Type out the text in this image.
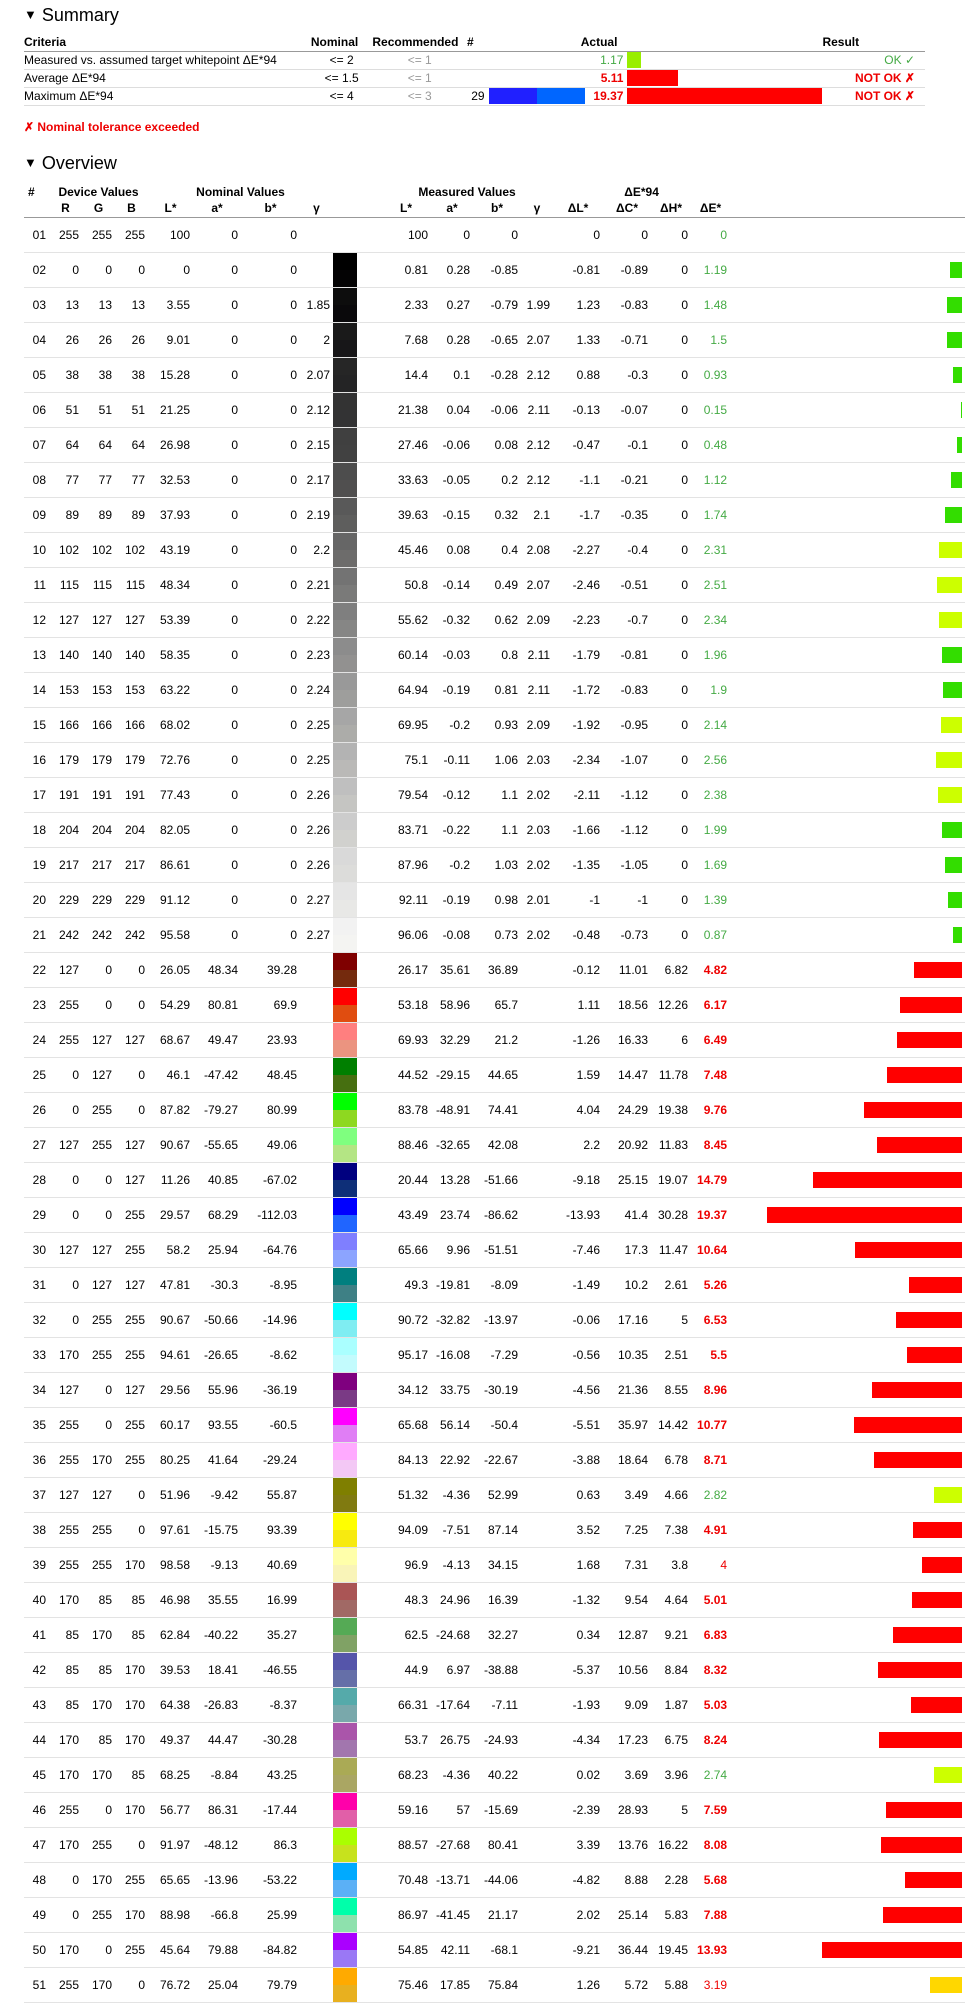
▼ Summary
Criteria	Nominal	Recommended	#	Actual			Result
Measured vs. assumed target whitepoint ΔE*94	<= 2	<= 1			1.17		OK ✓
Average ΔE*94	<= 1.5	<= 1			5.11		NOT OK ✗
Maximum ΔE*94	<= 4	<= 3	29		19.37		NOT OK ✗
✗ Nominal tolerance exceeded
▼ Overview
#	Device Values			Nominal Values					Measured Values				ΔE*94				
	R	G	B	L*	a*	b*	γ		L*	a*	b*	γ	ΔL*	ΔC*	ΔH*	ΔE*	
01	255	255	255	100	0	0			100	0	0		0	0	0	0	
02	0	0	0	0	0	0			0.81	0.28	-0.85		-0.81	-0.89	0	1.19	
03	13	13	13	3.55	0	0	1.85		2.33	0.27	-0.79	1.99	1.23	-0.83	0	1.48	
04	26	26	26	9.01	0	0	2		7.68	0.28	-0.65	2.07	1.33	-0.71	0	1.5	
05	38	38	38	15.28	0	0	2.07		14.4	0.1	-0.28	2.12	0.88	-0.3	0	0.93	
06	51	51	51	21.25	0	0	2.12		21.38	0.04	-0.06	2.11	-0.13	-0.07	0	0.15	
07	64	64	64	26.98	0	0	2.15		27.46	-0.06	0.08	2.12	-0.47	-0.1	0	0.48	
08	77	77	77	32.53	0	0	2.17		33.63	-0.05	0.2	2.12	-1.1	-0.21	0	1.12	
09	89	89	89	37.93	0	0	2.19		39.63	-0.15	0.32	2.1	-1.7	-0.35	0	1.74	
10	102	102	102	43.19	0	0	2.2		45.46	0.08	0.4	2.08	-2.27	-0.4	0	2.31	
11	115	115	115	48.34	0	0	2.21		50.8	-0.14	0.49	2.07	-2.46	-0.51	0	2.51	
12	127	127	127	53.39	0	0	2.22		55.62	-0.32	0.62	2.09	-2.23	-0.7	0	2.34	
13	140	140	140	58.35	0	0	2.23		60.14	-0.03	0.8	2.11	-1.79	-0.81	0	1.96	
14	153	153	153	63.22	0	0	2.24		64.94	-0.19	0.81	2.11	-1.72	-0.83	0	1.9	
15	166	166	166	68.02	0	0	2.25		69.95	-0.2	0.93	2.09	-1.92	-0.95	0	2.14	
16	179	179	179	72.76	0	0	2.25		75.1	-0.11	1.06	2.03	-2.34	-1.07	0	2.56	
17	191	191	191	77.43	0	0	2.26		79.54	-0.12	1.1	2.02	-2.11	-1.12	0	2.38	
18	204	204	204	82.05	0	0	2.26		83.71	-0.22	1.1	2.03	-1.66	-1.12	0	1.99	
19	217	217	217	86.61	0	0	2.26		87.96	-0.2	1.03	2.02	-1.35	-1.05	0	1.69	
20	229	229	229	91.12	0	0	2.27		92.11	-0.19	0.98	2.01	-1	-1	0	1.39	
21	242	242	242	95.58	0	0	2.27		96.06	-0.08	0.73	2.02	-0.48	-0.73	0	0.87	
22	127	0	0	26.05	48.34	39.28			26.17	35.61	36.89		-0.12	11.01	6.82	4.82	
23	255	0	0	54.29	80.81	69.9			53.18	58.96	65.7		1.11	18.56	12.26	6.17	
24	255	127	127	68.67	49.47	23.93			69.93	32.29	21.2		-1.26	16.33	6	6.49	
25	0	127	0	46.1	-47.42	48.45			44.52	-29.15	44.65		1.59	14.47	11.78	7.48	
26	0	255	0	87.82	-79.27	80.99			83.78	-48.91	74.41		4.04	24.29	19.38	9.76	
27	127	255	127	90.67	-55.65	49.06			88.46	-32.65	42.08		2.2	20.92	11.83	8.45	
28	0	0	127	11.26	40.85	-67.02			20.44	13.28	-51.66		-9.18	25.15	19.07	14.79	
29	0	0	255	29.57	68.29	-112.03			43.49	23.74	-86.62		-13.93	41.4	30.28	19.37	
30	127	127	255	58.2	25.94	-64.76			65.66	9.96	-51.51		-7.46	17.3	11.47	10.64	
31	0	127	127	47.81	-30.3	-8.95			49.3	-19.81	-8.09		-1.49	10.2	2.61	5.26	
32	0	255	255	90.67	-50.66	-14.96			90.72	-32.82	-13.97		-0.06	17.16	5	6.53	
33	170	255	255	94.61	-26.65	-8.62			95.17	-16.08	-7.29		-0.56	10.35	2.51	5.5	
34	127	0	127	29.56	55.96	-36.19			34.12	33.75	-30.19		-4.56	21.36	8.55	8.96	
35	255	0	255	60.17	93.55	-60.5			65.68	56.14	-50.4		-5.51	35.97	14.42	10.77	
36	255	170	255	80.25	41.64	-29.24			84.13	22.92	-22.67		-3.88	18.64	6.78	8.71	
37	127	127	0	51.96	-9.42	55.87			51.32	-4.36	52.99		0.63	3.49	4.66	2.82	
38	255	255	0	97.61	-15.75	93.39			94.09	-7.51	87.14		3.52	7.25	7.38	4.91	
39	255	255	170	98.58	-9.13	40.69			96.9	-4.13	34.15		1.68	7.31	3.8	4	
40	170	85	85	46.98	35.55	16.99			48.3	24.96	16.39		-1.32	9.54	4.64	5.01	
41	85	170	85	62.84	-40.22	35.27			62.5	-24.68	32.27		0.34	12.87	9.21	6.83	
42	85	85	170	39.53	18.41	-46.55			44.9	6.97	-38.88		-5.37	10.56	8.84	8.32	
43	85	170	170	64.38	-26.83	-8.37			66.31	-17.64	-7.11		-1.93	9.09	1.87	5.03	
44	170	85	170	49.37	44.47	-30.28			53.7	26.75	-24.93		-4.34	17.23	6.75	8.24	
45	170	170	85	68.25	-8.84	43.25			68.23	-4.36	40.22		0.02	3.69	3.96	2.74	
46	255	0	170	56.77	86.31	-17.44			59.16	57	-15.69		-2.39	28.93	5	7.59	
47	170	255	0	91.97	-48.12	86.3			88.57	-27.68	80.41		3.39	13.76	16.22	8.08	
48	0	170	255	65.65	-13.96	-53.22			70.48	-13.71	-44.06		-4.82	8.88	2.28	5.68	
49	0	255	170	88.98	-66.8	25.99			86.97	-41.45	21.17		2.02	25.14	5.83	7.88	
50	170	0	255	45.64	79.88	-84.82			54.85	42.11	-68.1		-9.21	36.44	19.45	13.93	
51	255	170	0	76.72	25.04	79.79			75.46	17.85	75.84		1.26	5.72	5.88	3.19	
